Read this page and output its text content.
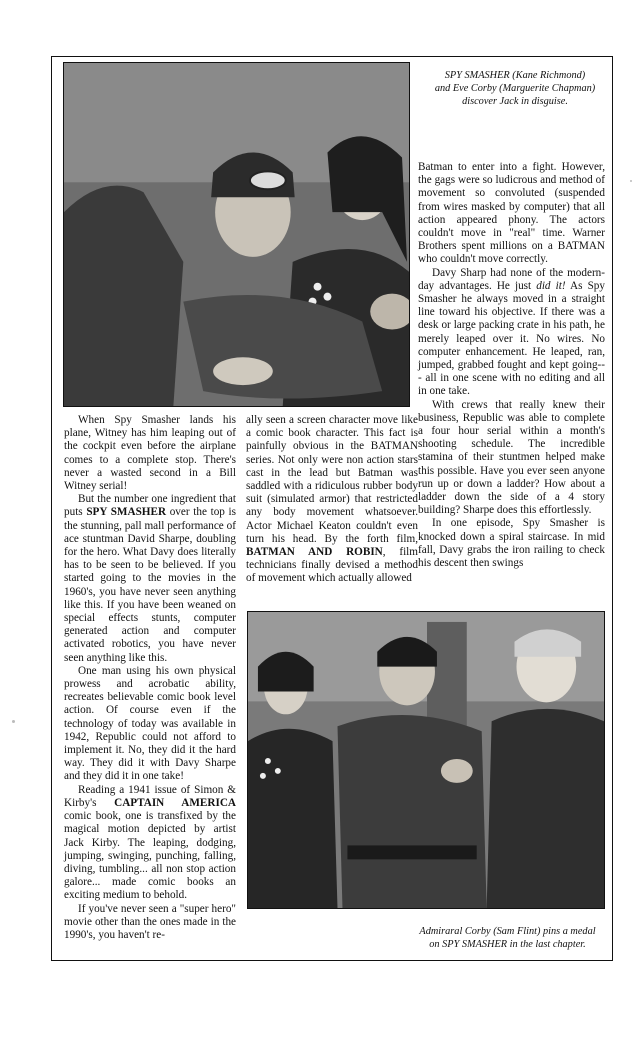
SPY SMASHER (Kane Richmond)
and Eve Corby (Marguerite Chapman)
discover Jack in disguise.

Batman to enter into a fight. However, the gags were so ludicrous and method of movement so convoluted (suspended from wires masked by computer) that all action appeared phony. The actors couldn't move in "real" time. Warner Brothers spent millions on a BATMAN who couldn't move correctly.

Davy Sharp had none of the modern-day advantages. He just did it! As Spy Smasher he always moved in a straight line toward his objective. If there was a desk or large packing crate in his path, he merely leaped over it. No wires. No computer enhancement. He leaped, ran, jumped, grabbed fought and kept going--- all in one scene with no editing and all in one take.

With crews that really knew their business, Republic was able to complete a four hour serial within a month's shooting schedule. The incredible stamina of their stuntmen helped make this possible. Have you ever seen anyone run up or down a ladder? How about a ladder down the side of a 4 story building? Sharpe does this effortlessly.

In one episode, Spy Smasher is knocked down a spiral staircase. In mid fall, Davy grabs the iron railing to check his descent then swings

When Spy Smasher lands his plane, Witney has him leaping out of the cockpit even before the airplane comes to a complete stop. There's never a wasted second in a Bill Witney serial!

But the number one ingredient that puts SPY SMASHER over the top is the stunning, pall mall performance of ace stuntman David Sharpe, doubling for the hero. What Davy does literally has to be seen to be believed. If you started going to the movies in the 1960's, you have never seen anything like this. If you have been weaned on special effects stunts, computer generated action and computer activated robotics, you have never seen anything like this.

One man using his own physical prowess and acrobatic ability, recreates believable comic book level action. Of course even if the technology of today was available in 1942, Republic could not afford to implement it. No, they did it the hard way. They did it with Davy Sharpe and they did it in one take!

Reading a 1941 issue of Simon & Kirby's CAPTAIN AMERICA comic book, one is transfixed by the magical motion depicted by artist Jack Kirby. The leaping, dodging, jumping, swinging, punching, falling, diving, tumbling... all non stop action galore... made comic books an exciting medium to behold.

If you've never seen a "super hero" movie other than the ones made in the 1990's, you haven't re-

ally seen a screen character move like a comic book character. This fact is painfully obvious in the BATMAN series. Not only were non action stars cast in the lead but Batman was saddled with a ridiculous rubber body suit (simulated armor) that restricted any body movement whatsoever. Actor Michael Keaton couldn't even turn his head. By the forth film, BATMAN AND ROBIN, film technicians finally devised a method of movement which actually allowed

Admiraral Corby (Sam Flint) pins a medal
on SPY SMASHER in the last chapter.
